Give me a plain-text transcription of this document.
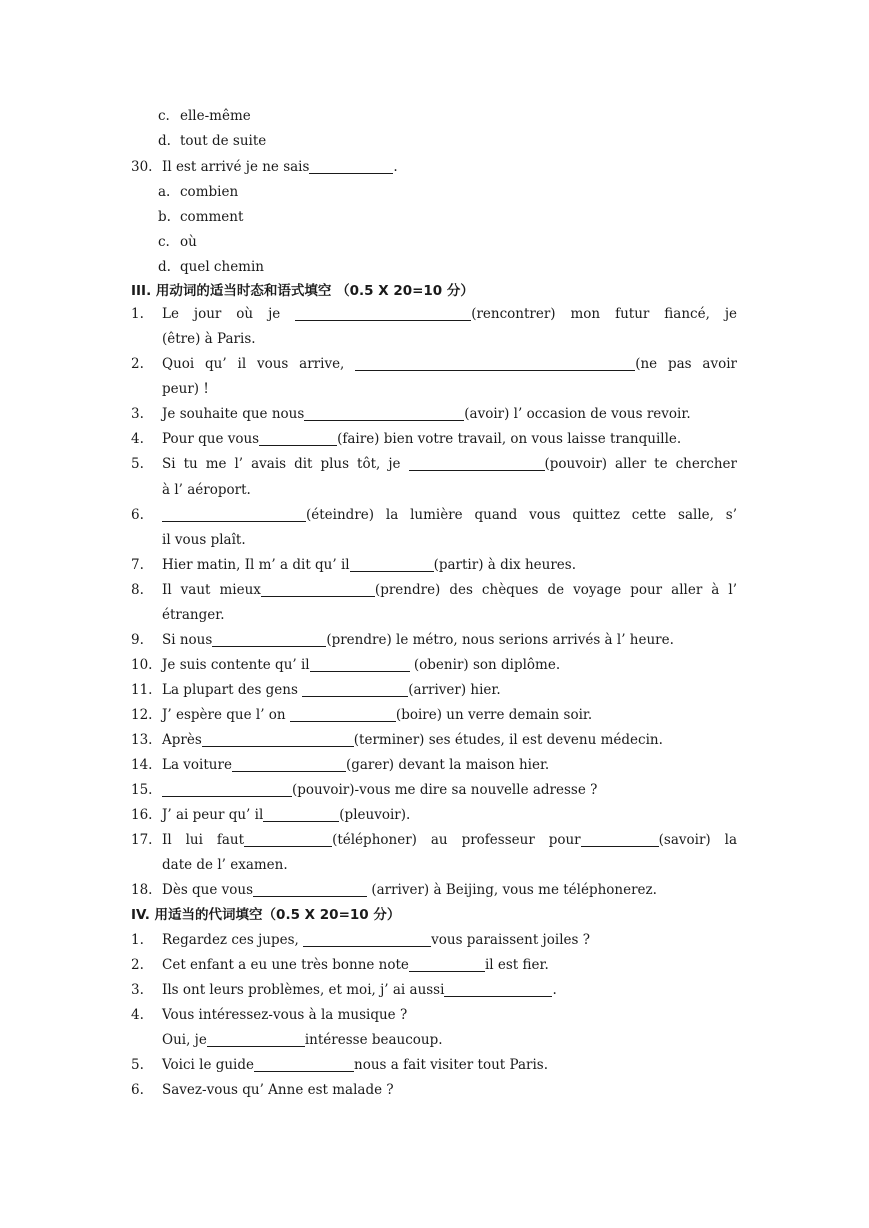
c. elle-même
d. tout de suite
30. Il est arrivé je ne sais	.
a. combien
b. comment
c. où
d. quel chemin
III. 用动词的适当时态和语式填空 （0.5 X 20=10 分）
1. Le jour où je	(rencontrer) mon futur fiancé, je
(être) à Paris.
2. Quoi qu’ il vous arrive,	(ne pas avoir
peur) !
3. Je souhaite que nous	(avoir) l’ occasion de vous revoir.
4. Pour que vous	(faire) bien votre travail, on vous laisse tranquille.
5. Si tu me l’ avais dit plus tôt, je	(pouvoir) aller te chercher
à l’ aéroport.
6.	(éteindre) la lumière quand vous quittez cette salle, s’
il vous plaît.
7. Hier matin, Il m’ a dit qu’ il	(partir) à dix heures.
8. Il vaut mieux	(prendre) des chèques de voyage pour aller à l’
étranger.
9. Si nous	(prendre) le métro, nous serions arrivés à l’ heure.
10. Je suis contente qu’ il	(obenir) son diplôme.
11. La plupart des gens	(arriver) hier.
12. J’ espère que l’ on	(boire) un verre demain soir.
13. Après	(terminer) ses études, il est devenu médecin.
14. La voiture	(garer) devant la maison hier.
15.	(pouvoir)-vous me dire sa nouvelle adresse ?
16. J’ ai peur qu’ il	(pleuvoir).
17. Il lui faut	(téléphoner) au professeur pour	(savoir) la
date de l’ examen.
18. Dès que vous	(arriver) à Beijing, vous me téléphonerez.
IV. 用适当的代词填空（0.5 X 20=10 分）
1. Regardez ces jupes,	vous paraissent joiles ?
2. Cet enfant a eu une très bonne note	il est fier.
3. Ils ont leurs problèmes, et moi, j’ ai aussi	.
4. Vous intéressez-vous à la musique ?
Oui, je	intéresse beaucoup.
5. Voici le guide	nous a fait visiter tout Paris.
6. Savez-vous qu’ Anne est malade ?
